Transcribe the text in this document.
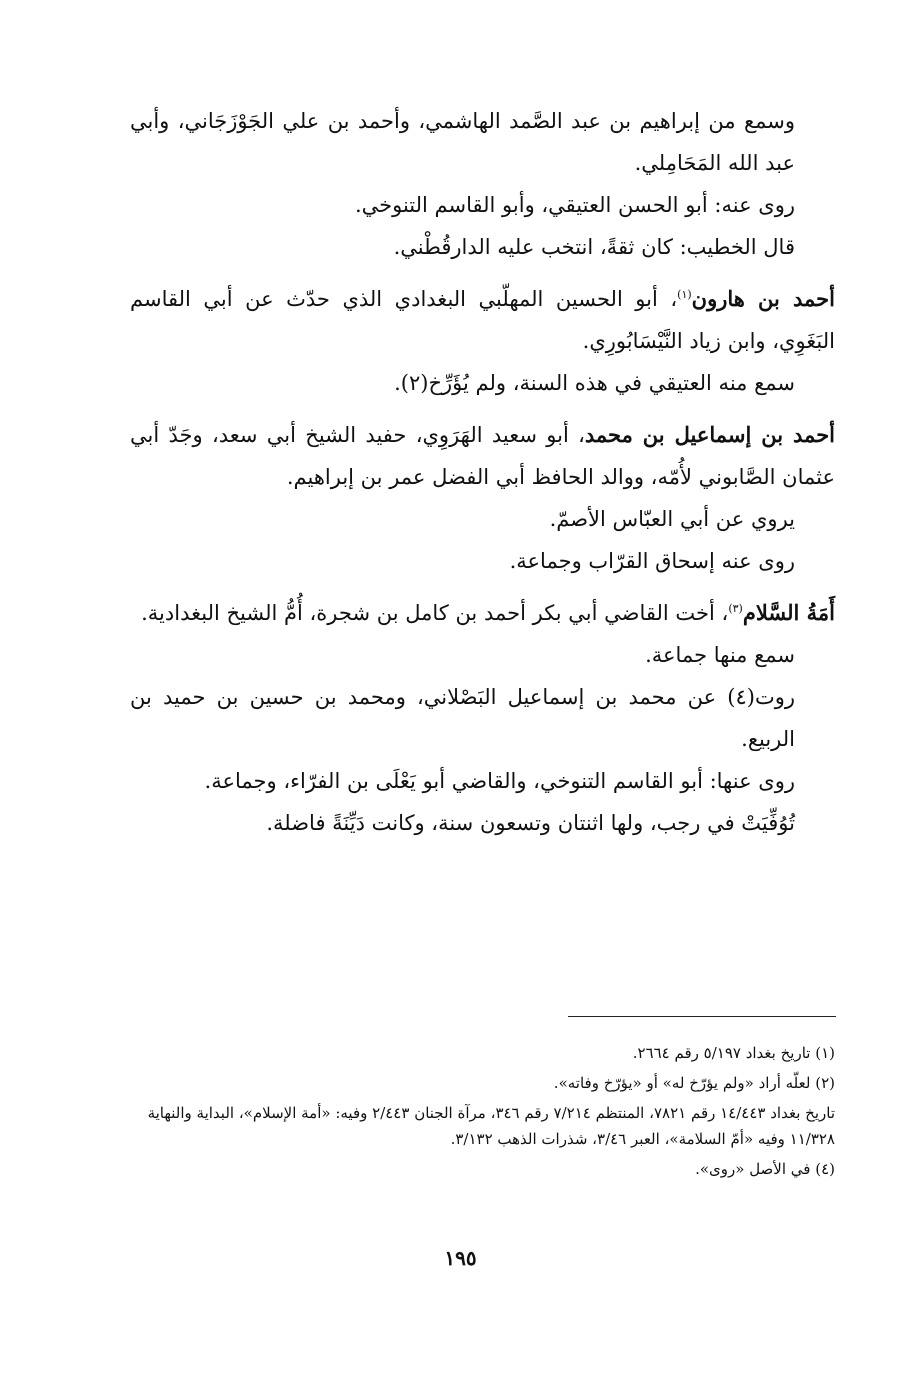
وسمع من إبراهيم بن عبد الصَّمد الهاشمي، وأحمد بن علي الجَوْزَجَاني، وأبي عبد الله المَحَامِلي.

روى عنه: أبو الحسن العتيقي، وأبو القاسم التنوخي.

قال الخطيب: كان ثقةً، انتخب عليه الدارقُطْني.

أحمد بن هارون$^{(١)}$، أبو الحسين المهلّبي البغدادي الذي حدّث عن أبي القاسم البَغَوِي، وابن زياد النَّيْسَابُورِي.

سمع منه العتيقي في هذه السنة، ولم يُؤَرِّخ(٢).

أحمد بن إسماعيل بن محمد، أبو سعيد الهَرَوِي، حفيد الشيخ أبي سعد، وجَدّ أبي عثمان الصَّابوني لأُمّه، ووالد الحافظ أبي الفضل عمر بن إبراهيم.

يروي عن أبي العبّاس الأصمّ.

روى عنه إسحاق القرّاب وجماعة.

أَمَةُ السَّلام$^{(٣)}$، أخت القاضي أبي بكر أحمد بن كامل بن شجرة، أُمُّ الشيخ البغدادية.

سمع منها جماعة.

روت(٤) عن محمد بن إسماعيل البَصْلاني، ومحمد بن حسين بن حميد بن الربيع.

روى عنها: أبو القاسم التنوخي، والقاضي أبو يَعْلَى بن الفرّاء، وجماعة.

تُوُفِّيَتْ في رجب، ولها اثنتان وتسعون سنة، وكانت دَيِّنَةً فاضلة.

(١) تاريخ بغداد ٥/١٩٧ رقم ٢٦٦٤.

(٢) لعلّه أراد «ولم يؤرّخ له» أو «يؤرّخ وفاته».

تاريخ بغداد ١٤/٤٤٣ رقم ٧٨٢١، المنتظم ٧/٢١٤ رقم ٣٤٦، مرآة الجنان ٢/٤٤٣ وفيه: «أمة الإسلام»، البداية والنهاية ١١/٣٢٨ وفيه «أمّ السلامة»، العبر ٣/٤٦، شذرات الذهب ٣/١٣٢.

(٤) في الأصل «روى».

١٩٥
